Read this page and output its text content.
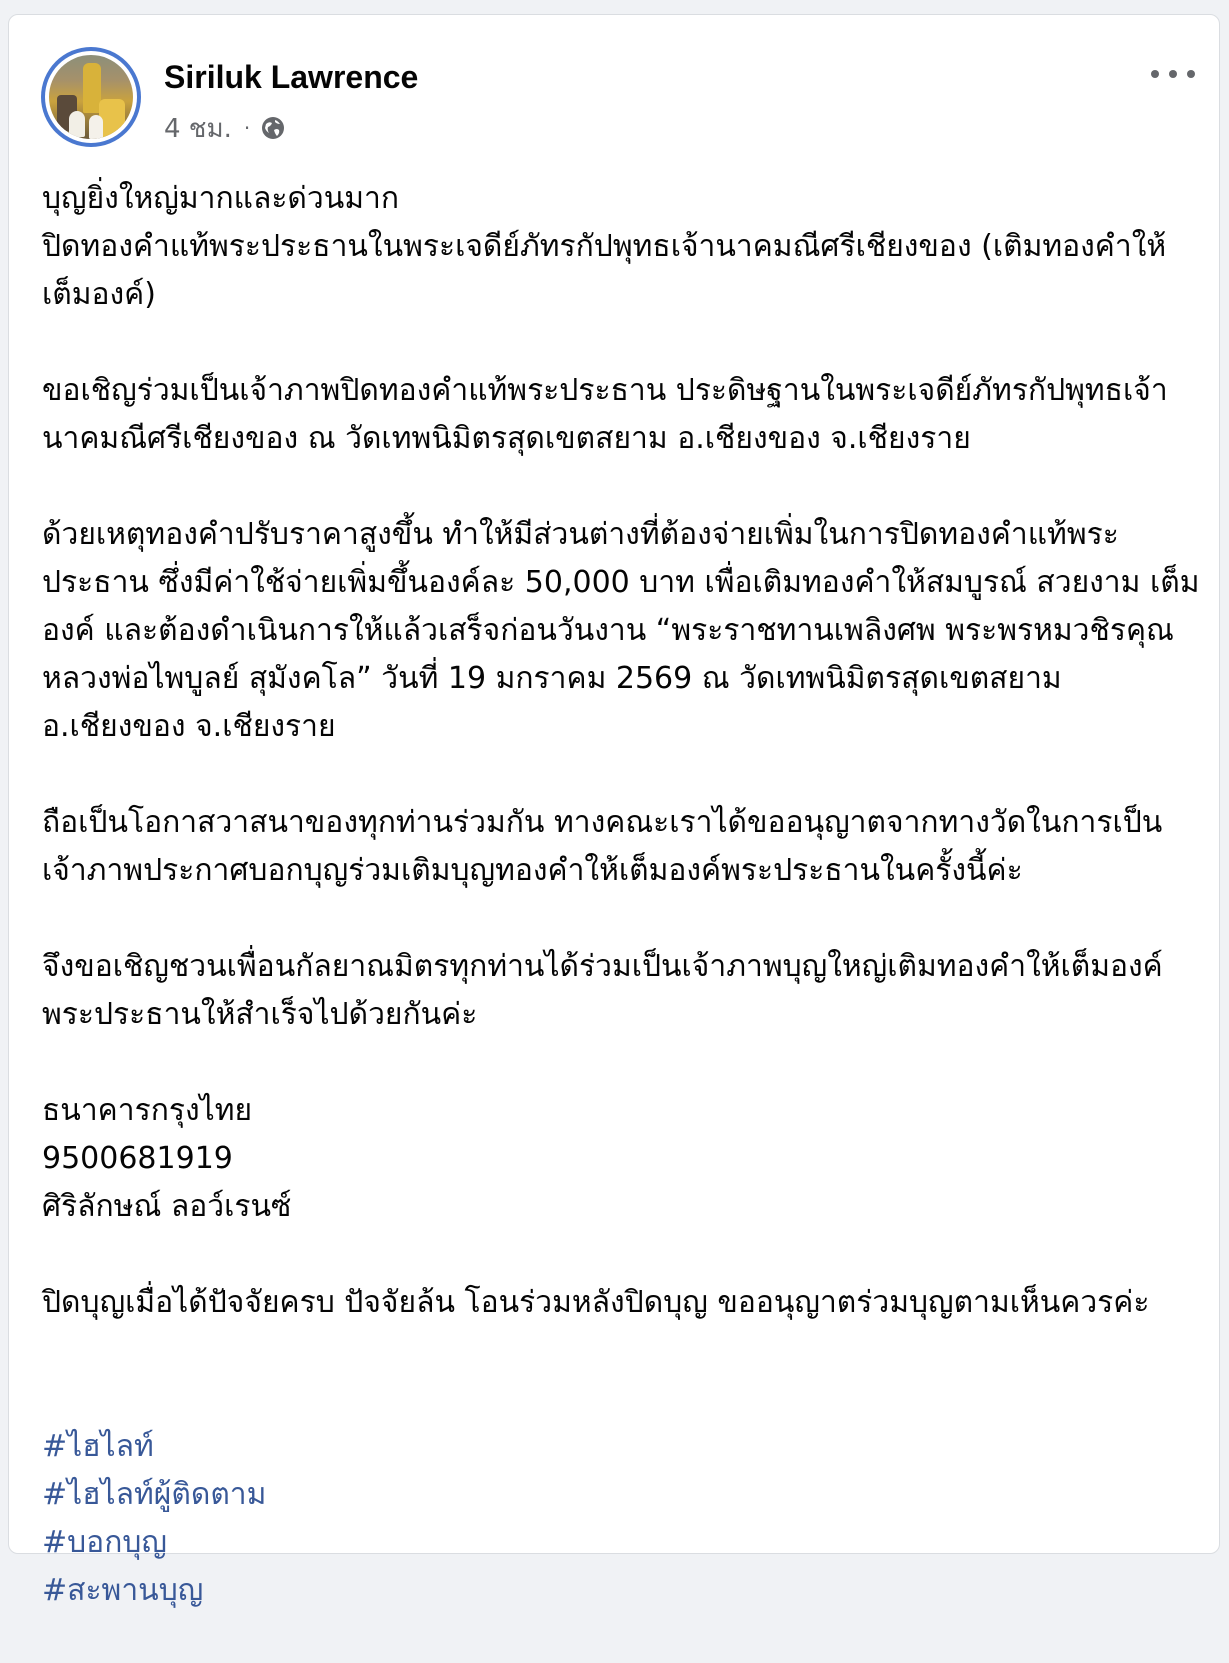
Siriluk Lawrence
4 ชม. ·

บุญยิ่งใหญ่มากและด่วนมาก
ปิดทองคำแท้พระประธานในพระเจดีย์ภัทรกัปพุทธเจ้านาคมณีศรีเชียงของ (เติมทองคำให้เต็มองค์)

ขอเชิญร่วมเป็นเจ้าภาพปิดทองคำแท้พระประธาน ประดิษฐานในพระเจดีย์ภัทรกัปพุทธเจ้านาคมณีศรีเชียงของ ณ วัดเทพนิมิตรสุดเขตสยาม อ.เชียงของ จ.เชียงราย

ด้วยเหตุทองคำปรับราคาสูงขึ้น ทำให้มีส่วนต่างที่ต้องจ่ายเพิ่มในการปิดทองคำแท้พระประธาน ซึ่งมีค่าใช้จ่ายเพิ่มขึ้นองค์ละ 50,000 บาท เพื่อเติมทองคำให้สมบูรณ์ สวยงาม เต็มองค์ และต้องดำเนินการให้แล้วเสร็จก่อนวันงาน “พระราชทานเพลิงศพ พระพรหมวชิรคุณหลวงพ่อไพบูลย์ สุมังคโล” วันที่ 19 มกราคม 2569 ณ วัดเทพนิมิตรสุดเขตสยาม อ.เชียงของ จ.เชียงราย

ถือเป็นโอกาสวาสนาของทุกท่านร่วมกัน ทางคณะเราได้ขออนุญาตจากทางวัดในการเป็นเจ้าภาพประกาศบอกบุญร่วมเติมบุญทองคำให้เต็มองค์พระประธานในครั้งนี้ค่ะ

จึงขอเชิญชวนเพื่อนกัลยาณมิตรทุกท่านได้ร่วมเป็นเจ้าภาพบุญใหญ่เติมทองคำให้เต็มองค์พระประธานให้สำเร็จไปด้วยกันค่ะ

ธนาคารกรุงไทย
9500681919
ศิริลักษณ์ ลอว์เรนซ์

ปิดบุญเมื่อได้ปัจจัยครบ ปัจจัยล้น โอนร่วมหลังปิดบุญ ขออนุญาตร่วมบุญตามเห็นควรค่ะ

#ไฮไลท์
#ไฮไลท์ผู้ติดตาม
#บอกบุญ
#สะพานบุญ
